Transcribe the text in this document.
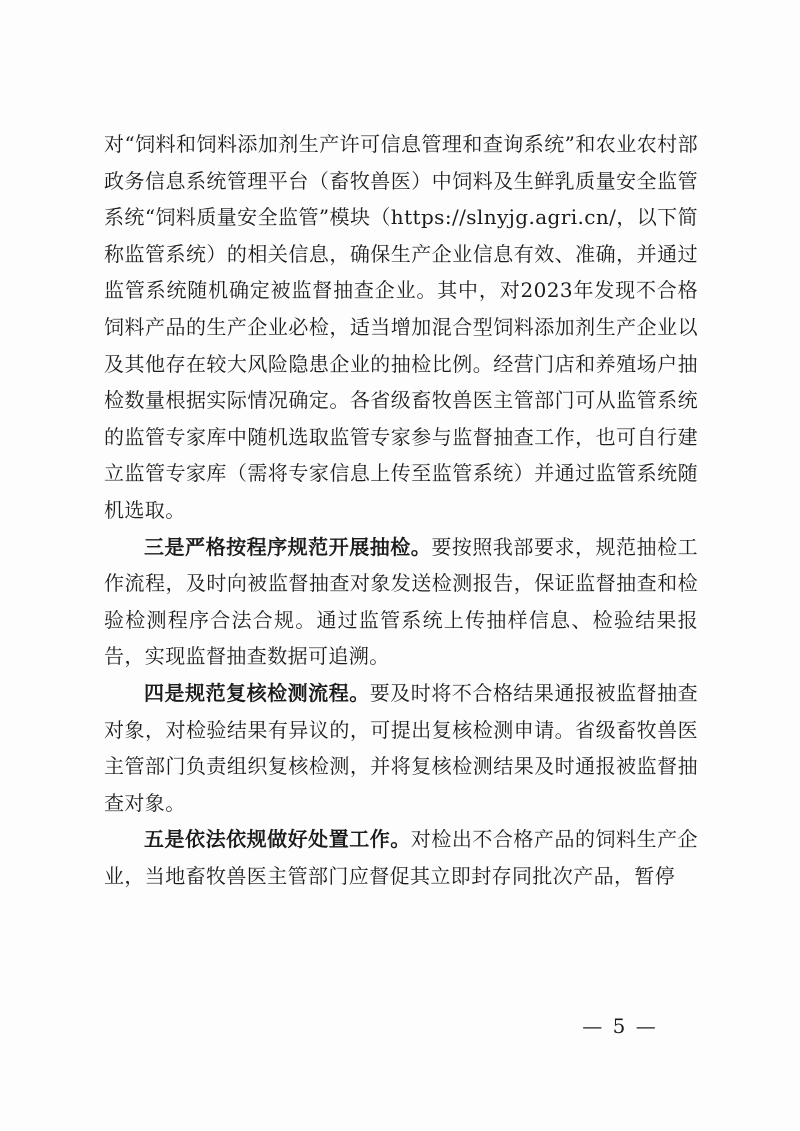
对“饲料和饲料添加剂生产许可信息管理和查询系统”和农业农村部政务信息系统管理平台（畜牧兽医）中饲料及生鲜乳质量安全监管系统“饲料质量安全监管”模块（https://slnyjg.agri.cn/，以下简称监管系统）的相关信息，确保生产企业信息有效、准确，并通过监管系统随机确定被监督抽查企业。其中，对2023年发现不合格饲料产品的生产企业必检，适当增加混合型饲料添加剂生产企业以及其他存在较大风险隐患企业的抽检比例。经营门店和养殖场户抽检数量根据实际情况确定。各省级畜牧兽医主管部门可从监管系统的监管专家库中随机选取监管专家参与监督抽查工作，也可自行建立监管专家库（需将专家信息上传至监管系统）并通过监管系统随机选取。

三是严格按程序规范开展抽检。要按照我部要求，规范抽检工作流程，及时向被监督抽查对象发送检测报告，保证监督抽查和检验检测程序合法合规。通过监管系统上传抽样信息、检验结果报告，实现监督抽查数据可追溯。

四是规范复核检测流程。要及时将不合格结果通报被监督抽查对象，对检验结果有异议的，可提出复核检测申请。省级畜牧兽医主管部门负责组织复核检测，并将复核检测结果及时通报被监督抽查对象。

五是依法依规做好处置工作。对检出不合格产品的饲料生产企业，当地畜牧兽医主管部门应督促其立即封存同批次产品，暂停

— 5 —
